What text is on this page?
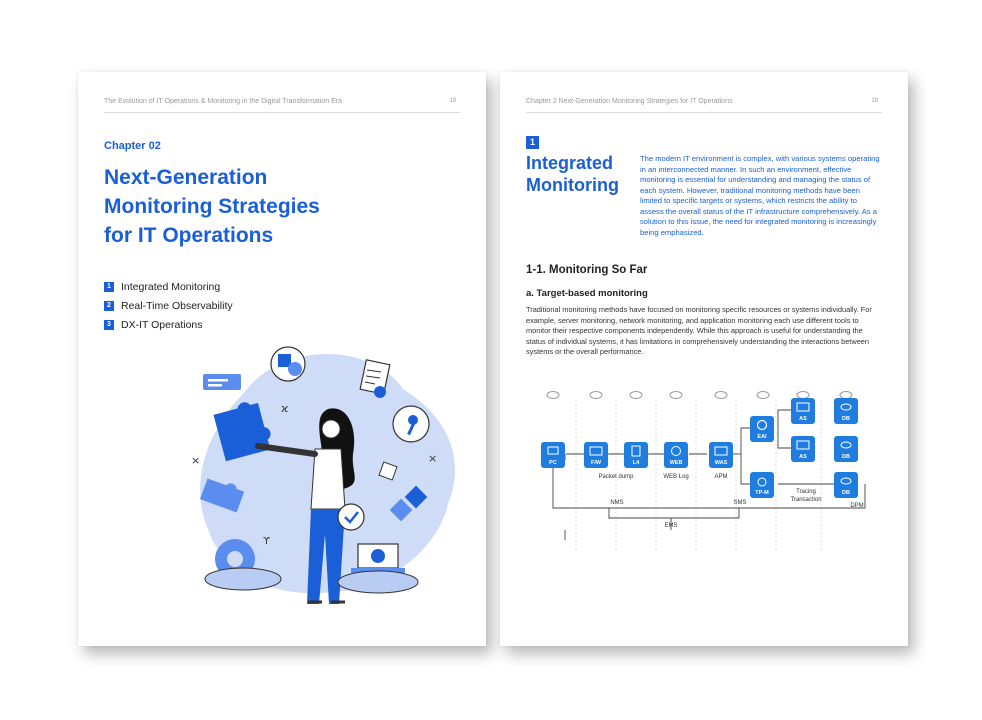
The Evolution of IT Operations & Monitoring in the Digital Transformation Era	19
Chapter 02
Next-Generation
Monitoring Strategies
for IT Operations
1 Integrated Monitoring
2 Real-Time Observability
3 DX-IT Operations
ϰ
×
×
ϒ
Chapter 2 Next-Generation Monitoring Strategies for IT Operations	19
1
Integrated
Monitoring

The modern IT environment is complex, with various systems operating in an interconnected manner. In such an environment, effective monitoring is essential for understanding and managing the status of each system. However, traditional monitoring methods have been limited to specific targets or systems, which restricts the ability to assess the overall status of the IT infrastructure comprehensively. As a solution to this issue, the need for integrated monitoring is increasingly being emphasized.

1-1. Monitoring So Far
a. Target-based monitoring

Traditional monitoring methods have focused on monitoring specific resources or systems individually. For example, server monitoring, network monitoring, and application monitoring each use different tools to monitor their respective components independently. While this approach is useful for understanding the status of individual systems, it has limitations in comprehensively understanding the interactions between systems or the overall performance.

PC	F/W	L4	WEB	WAS
EAI
TP-M
AS
AS
DB
DB
DB
Packet dump	WEB Log	APM
Tracing
Transaction
DPM
NMS	SMS
EMS
